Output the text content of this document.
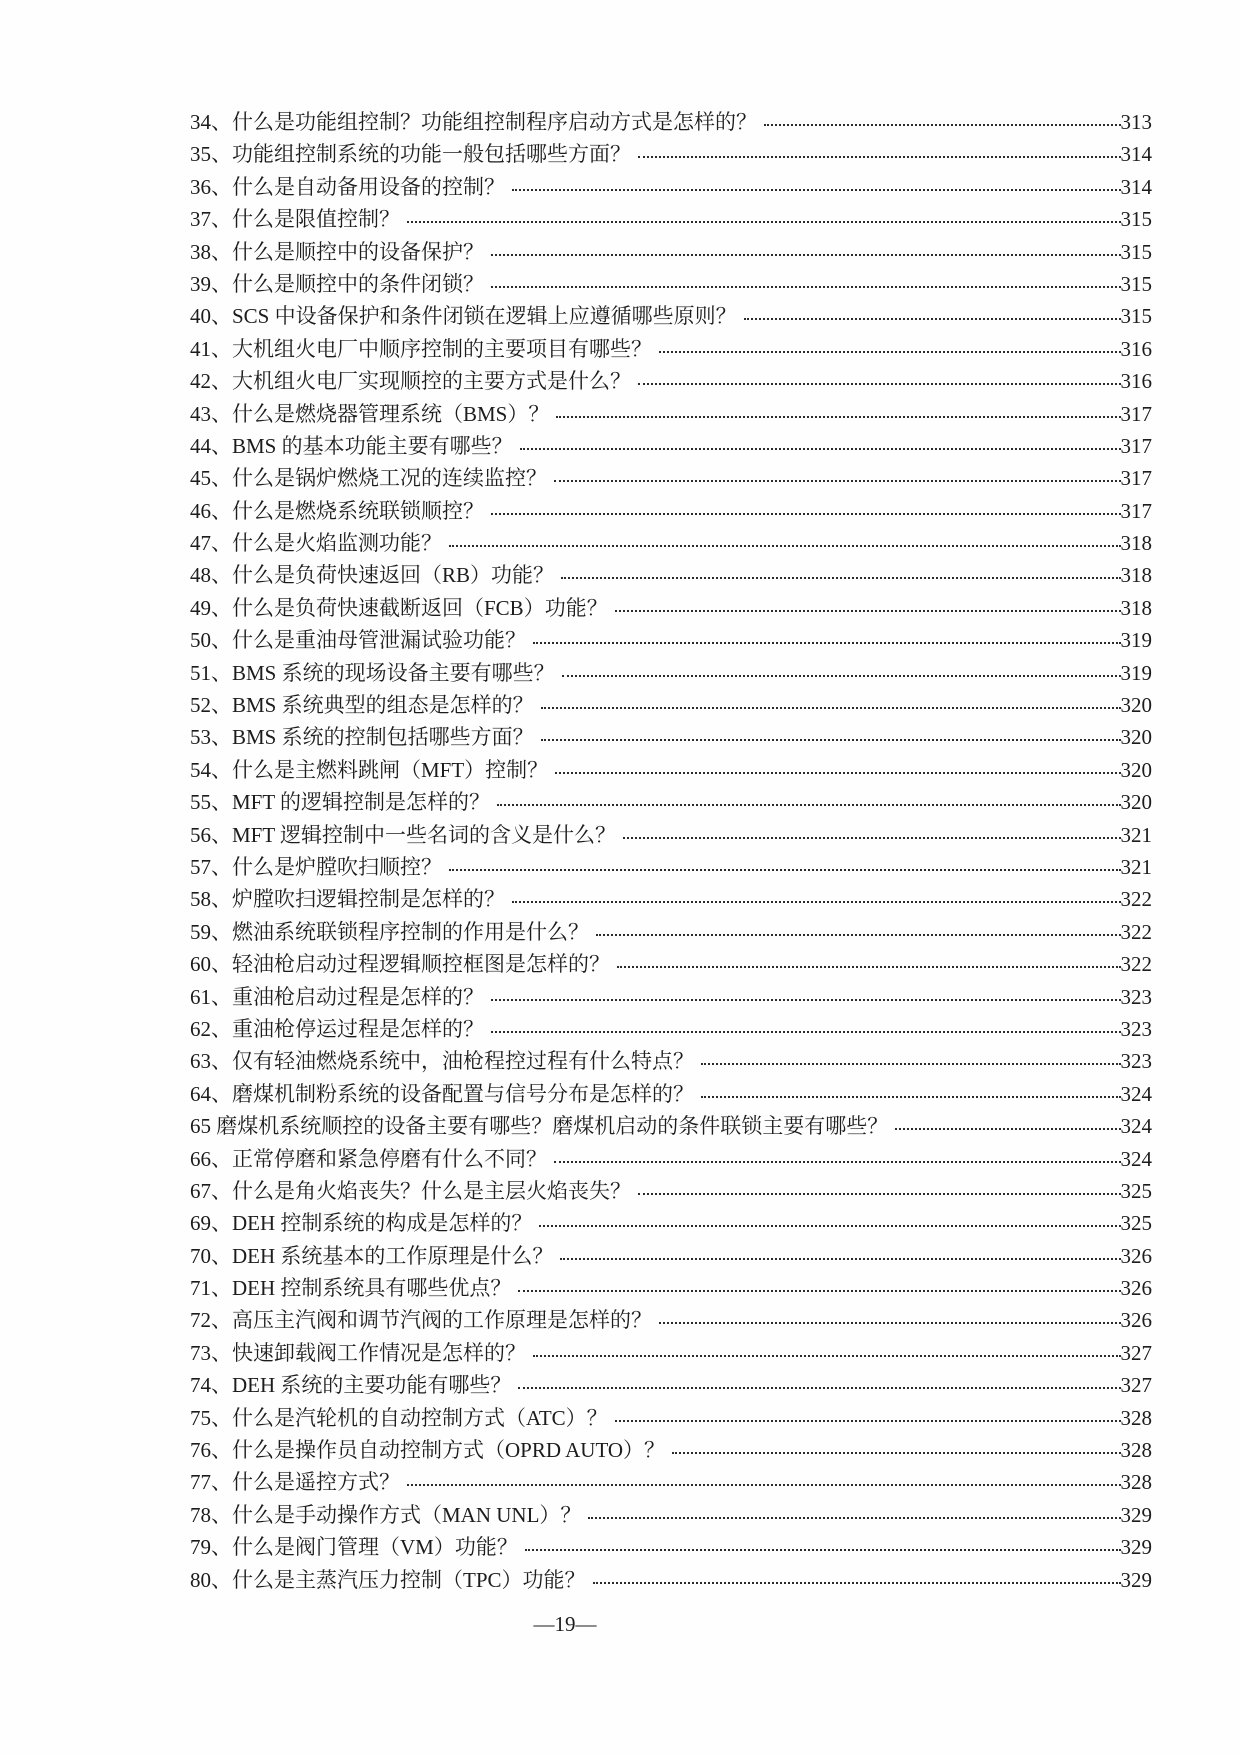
34、 什么是功能组控制？功能组控制程序启动方式是怎样的？	313
35、 功能组控制系统的功能一般包括哪些方面？	314
36、 什么是自动备用设备的控制？	314
37、 什么是限值控制？	315
38、 什么是顺控中的设备保护？	315
39、 什么是顺控中的条件闭锁？	315
40、 SCS 中设备保护和条件闭锁在逻辑上应遵循哪些原则？	315
41、 大机组火电厂中顺序控制的主要项目有哪些？	316
42、 大机组火电厂实现顺控的主要方式是什么？	316
43、 什么是燃烧器管理系统（BMS）？	317
44、 BMS 的基本功能主要有哪些？	317
45、 什么是锅炉燃烧工况的连续监控？	317
46、 什么是燃烧系统联锁顺控？	317
47、 什么是火焰监测功能？	318
48、 什么是负荷快速返回（RB）功能？	318
49、 什么是负荷快速截断返回（FCB）功能？	318
50、 什么是重油母管泄漏试验功能？	319
51、 BMS 系统的现场设备主要有哪些？	319
52、 BMS 系统典型的组态是怎样的？	320
53、 BMS 系统的控制包括哪些方面？	320
54、 什么是主燃料跳闸（MFT）控制？	320
55、 MFT 的逻辑控制是怎样的？	320
56、 MFT 逻辑控制中一些名词的含义是什么？	321
57、 什么是炉膛吹扫顺控？	321
58、 炉膛吹扫逻辑控制是怎样的？	322
59、 燃油系统联锁程序控制的作用是什么？	322
60、 轻油枪启动过程逻辑顺控框图是怎样的？	322
61、 重油枪启动过程是怎样的？	323
62、 重油枪停运过程是怎样的？	323
63、 仅有轻油燃烧系统中，油枪程控过程有什么特点？	323
64、 磨煤机制粉系统的设备配置与信号分布是怎样的？	324
65 磨煤机系统顺控的设备主要有哪些？磨煤机启动的条件联锁主要有哪些？	324
66、 正常停磨和紧急停磨有什么不同？	324
67、 什么是角火焰丧失？什么是主层火焰丧失？	325
69、 DEH 控制系统的构成是怎样的？	325
70、 DEH 系统基本的工作原理是什么？	326
71、 DEH 控制系统具有哪些优点？	326
72、 高压主汽阀和调节汽阀的工作原理是怎样的？	326
73、 快速卸载阀工作情况是怎样的？	327
74、 DEH 系统的主要功能有哪些？	327
75、 什么是汽轮机的自动控制方式（ATC）？	328
76、 什么是操作员自动控制方式（OPRD AUTO）？	328
77、 什么是遥控方式？	328
78、 什么是手动操作方式（MAN UNL）？	329
79、 什么是阀门管理（VM）功能？	329
80、 什么是主蒸汽压力控制（TPC）功能？	329
—19—
